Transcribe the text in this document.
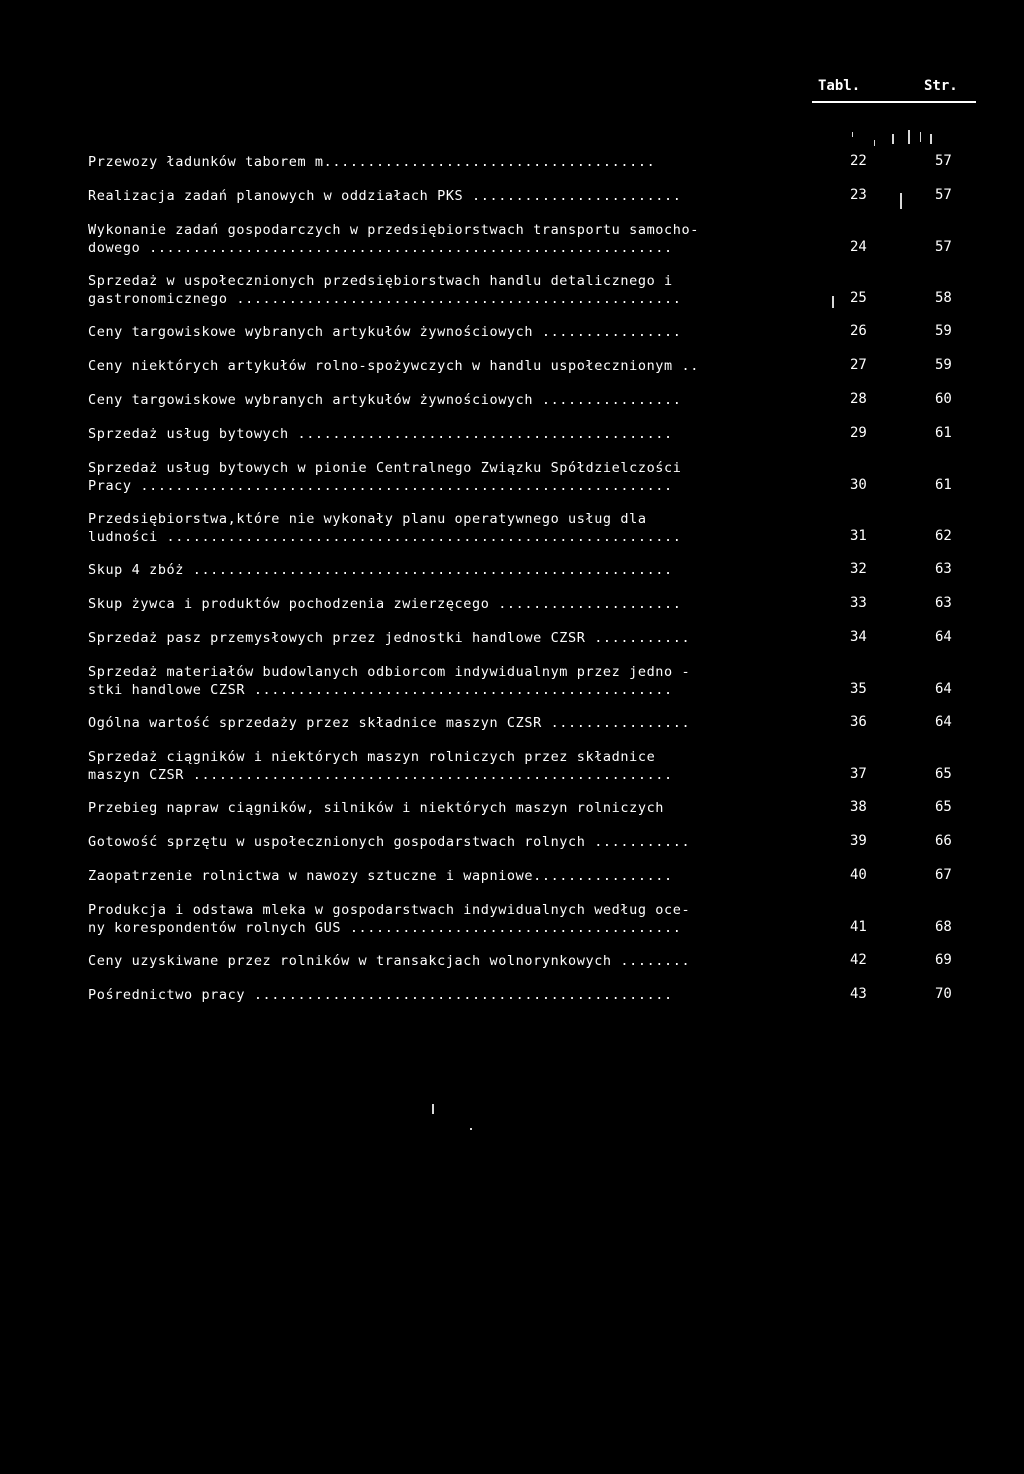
Tabl.	Str.
Przewozy ładunków taborem m......................................	22	57
Realizacja zadań planowych w oddziałach PKS ........................	23	57
Wykonanie zadań gospodarczych w przedsiębiorstwach transportu samocho-
dowego ............................................................	24	57
Sprzedaż w uspołecznionych przedsiębiorstwach handlu detalicznego i
gastronomicznego ...................................................	25	58
Ceny targowiskowe wybranych artykułów żywnościowych ................	26	59
Ceny niektórych artykułów rolno-spożywczych w handlu uspołecznionym ..	27	59
Ceny targowiskowe wybranych artykułów żywnościowych ................	28	60
Sprzedaż usług bytowych ...........................................	29	61
Sprzedaż usług bytowych w pionie Centralnego Związku Spółdzielczości
Pracy .............................................................	30	61
Przedsiębiorstwa,które nie wykonały planu operatywnego usług dla
ludności ...........................................................	31	62
Skup 4 zbóż .......................................................	32	63
Skup żywca i produktów pochodzenia zwierzęcego .....................	33	63
Sprzedaż pasz przemysłowych przez jednostki handlowe CZSR ...........	34	64
Sprzedaż materiałów budowlanych odbiorcom indywidualnym przez jedno -
stki handlowe CZSR ................................................	35	64
Ogólna wartość sprzedaży przez składnice maszyn CZSR ................	36	64
Sprzedaż ciągników i niektórych maszyn rolniczych przez składnice
maszyn CZSR .......................................................	37	65
Przebieg napraw ciągników, silników i niektórych maszyn rolniczych	38	65
Gotowość sprzętu w uspołecznionych gospodarstwach rolnych ...........	39	66
Zaopatrzenie rolnictwa w nawozy sztuczne i wapniowe................	40	67
Produkcja i odstawa mleka w gospodarstwach indywidualnych według oce-
ny korespondentów rolnych GUS ......................................	41	68
Ceny uzyskiwane przez rolników w transakcjach wolnorynkowych ........	42	69
Pośrednictwo pracy ................................................	43	70
